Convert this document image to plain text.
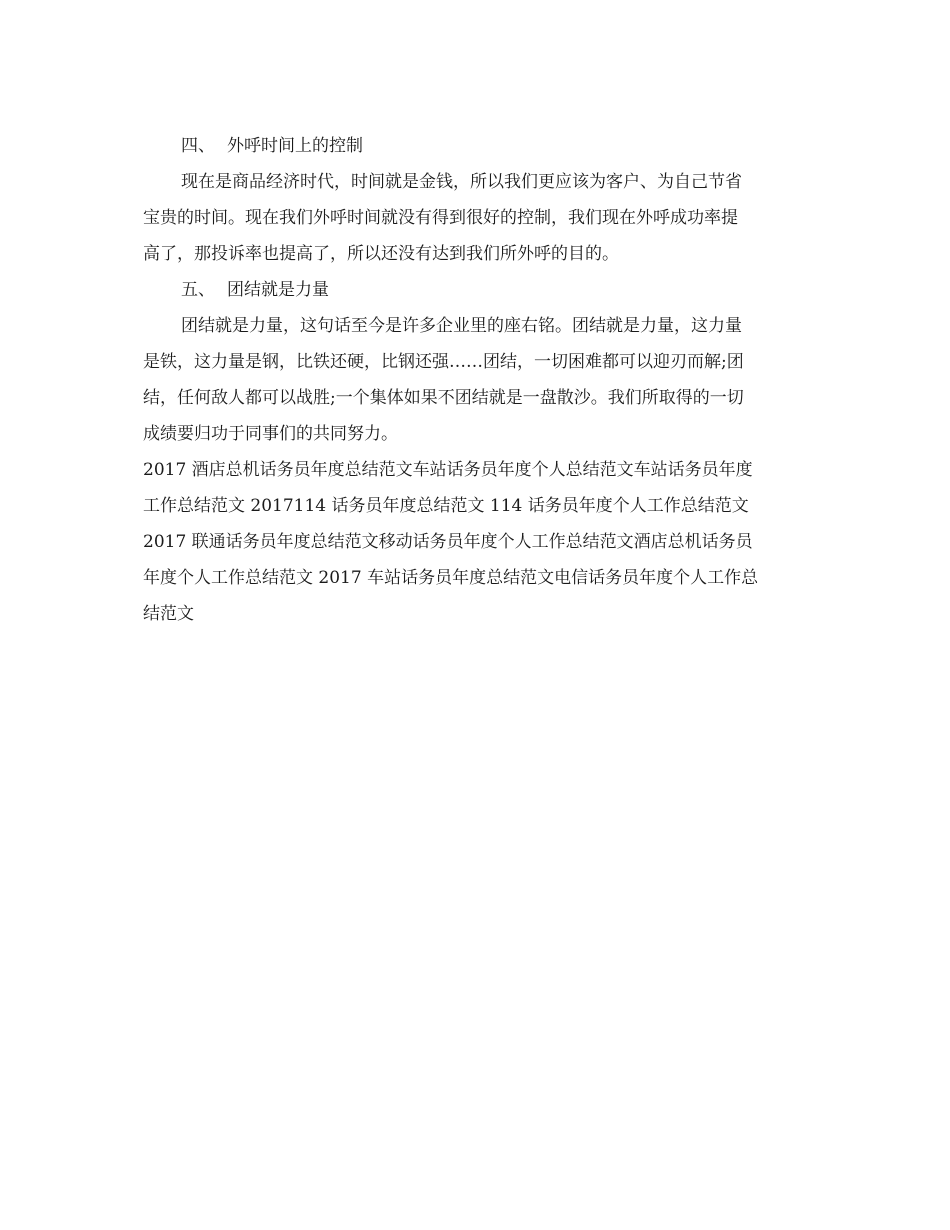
四、 外呼时间上的控制
现在是商品经济时代，时间就是金钱，所以我们更应该为客户、为自己节省
宝贵的时间。现在我们外呼时间就没有得到很好的控制，我们现在外呼成功率提
高了，那投诉率也提高了，所以还没有达到我们所外呼的目的。
五、 团结就是力量
团结就是力量，这句话至今是许多企业里的座右铭。团结就是力量，这力量
是铁，这力量是钢，比铁还硬，比钢还强……团结，一切困难都可以迎刃而解;团
结，任何敌人都可以战胜;一个集体如果不团结就是一盘散沙。我们所取得的一切
成绩要归功于同事们的共同努力。
2017 酒店总机话务员年度总结范文车站话务员年度个人总结范文车站话务员年度
工作总结范文 2017114 话务员年度总结范文 114 话务员年度个人工作总结范文
2017 联通话务员年度总结范文移动话务员年度个人工作总结范文酒店总机话务员
年度个人工作总结范文 2017 车站话务员年度总结范文电信话务员年度个人工作总
结范文
